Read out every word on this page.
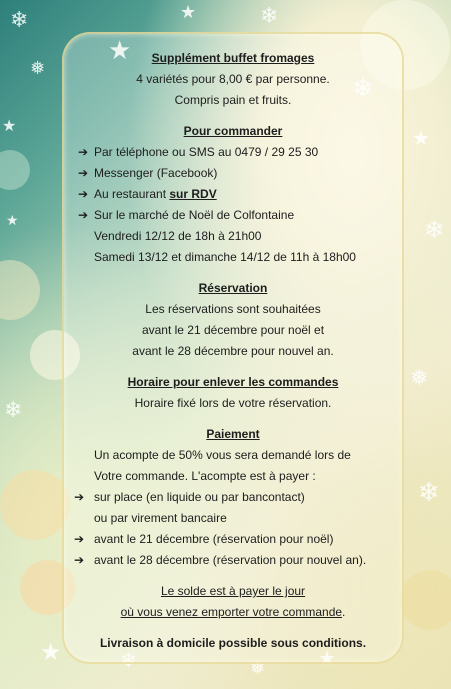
❄
★
❅
★
❄
★
❄
★
❄
❅
❄
★
❄
★	❄	❅	★
Supplément buffet fromages
4 variétés pour 8,00 € par personne.
Compris pain et fruits.
Pour commander
➔ Par téléphone ou SMS au 0479 / 29 25 30
➔ Messenger (Facebook)
➔ Au restaurant sur RDV
➔ Sur le marché de Noël de Colfontaine
Vendredi 12/12 de 18h à 21h00
Samedi 13/12 et dimanche 14/12 de 11h à 18h00
Réservation
Les réservations sont souhaitées
avant le 21 décembre pour noël et
avant le 28 décembre pour nouvel an.
Horaire pour enlever les commandes
Horaire fixé lors de votre réservation.
Paiement
Un acompte de 50% vous sera demandé lors de
Votre commande. L'acompte est à payer :
➔ sur place (en liquide ou par bancontact)
ou par virement bancaire
➔ avant le 21 décembre (réservation pour noël)
➔ avant le 28 décembre (réservation pour nouvel an).
Le solde est à payer le jour
où vous venez emporter votre commande.
Livraison à domicile possible sous conditions.
